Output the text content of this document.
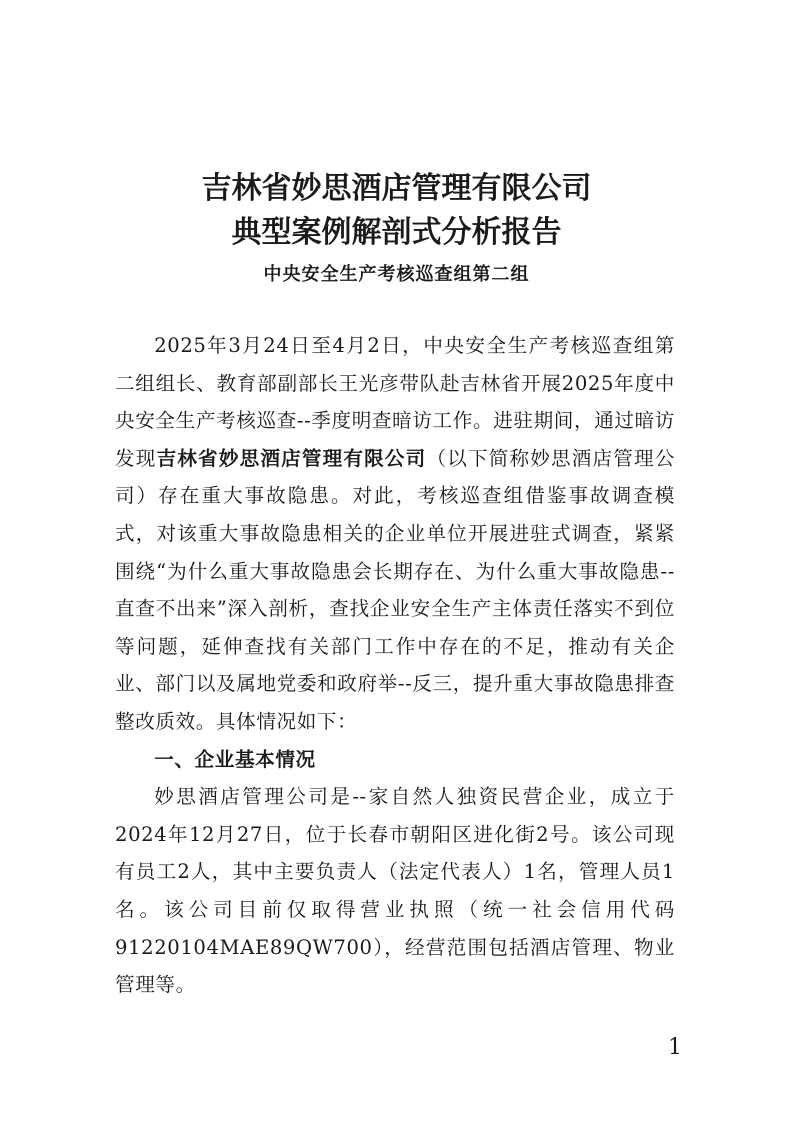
吉林省妙思酒店管理有限公司
典型案例解剖式分析报告
中央安全生产考核巡查组第二组

2025年3月24日至4月2日，中央安全生产考核巡查组第二组组长、教育部副部长王光彦带队赴吉林省开展2025年度中央安全生产考核巡查--季度明查暗访工作。进驻期间，通过暗访发现吉林省妙思酒店管理有限公司（以下简称妙思酒店管理公司）存在重大事故隐患。对此，考核巡查组借鉴事故调查模式，对该重大事故隐患相关的企业单位开展进驻式调查，紧紧围绕“为什么重大事故隐患会长期存在、为什么重大事故隐患--直查不出来”深入剖析，查找企业安全生产主体责任落实不到位等问题，延伸查找有关部门工作中存在的不足，推动有关企业、部门以及属地党委和政府举--反三，提升重大事故隐患排查整改质效。具体情况如下：

一、企业基本情况

妙思酒店管理公司是--家自然人独资民营企业，成立于2024年12月27日，位于长春市朝阳区进化街2号。该公司现有员工2人，其中主要负责人（法定代表人）1名，管理人员1名。该公司目前仅取得营业执照（统一社会信用代码91220104MAE89QW700），经营范围包括酒店管理、物业管理等。

1
